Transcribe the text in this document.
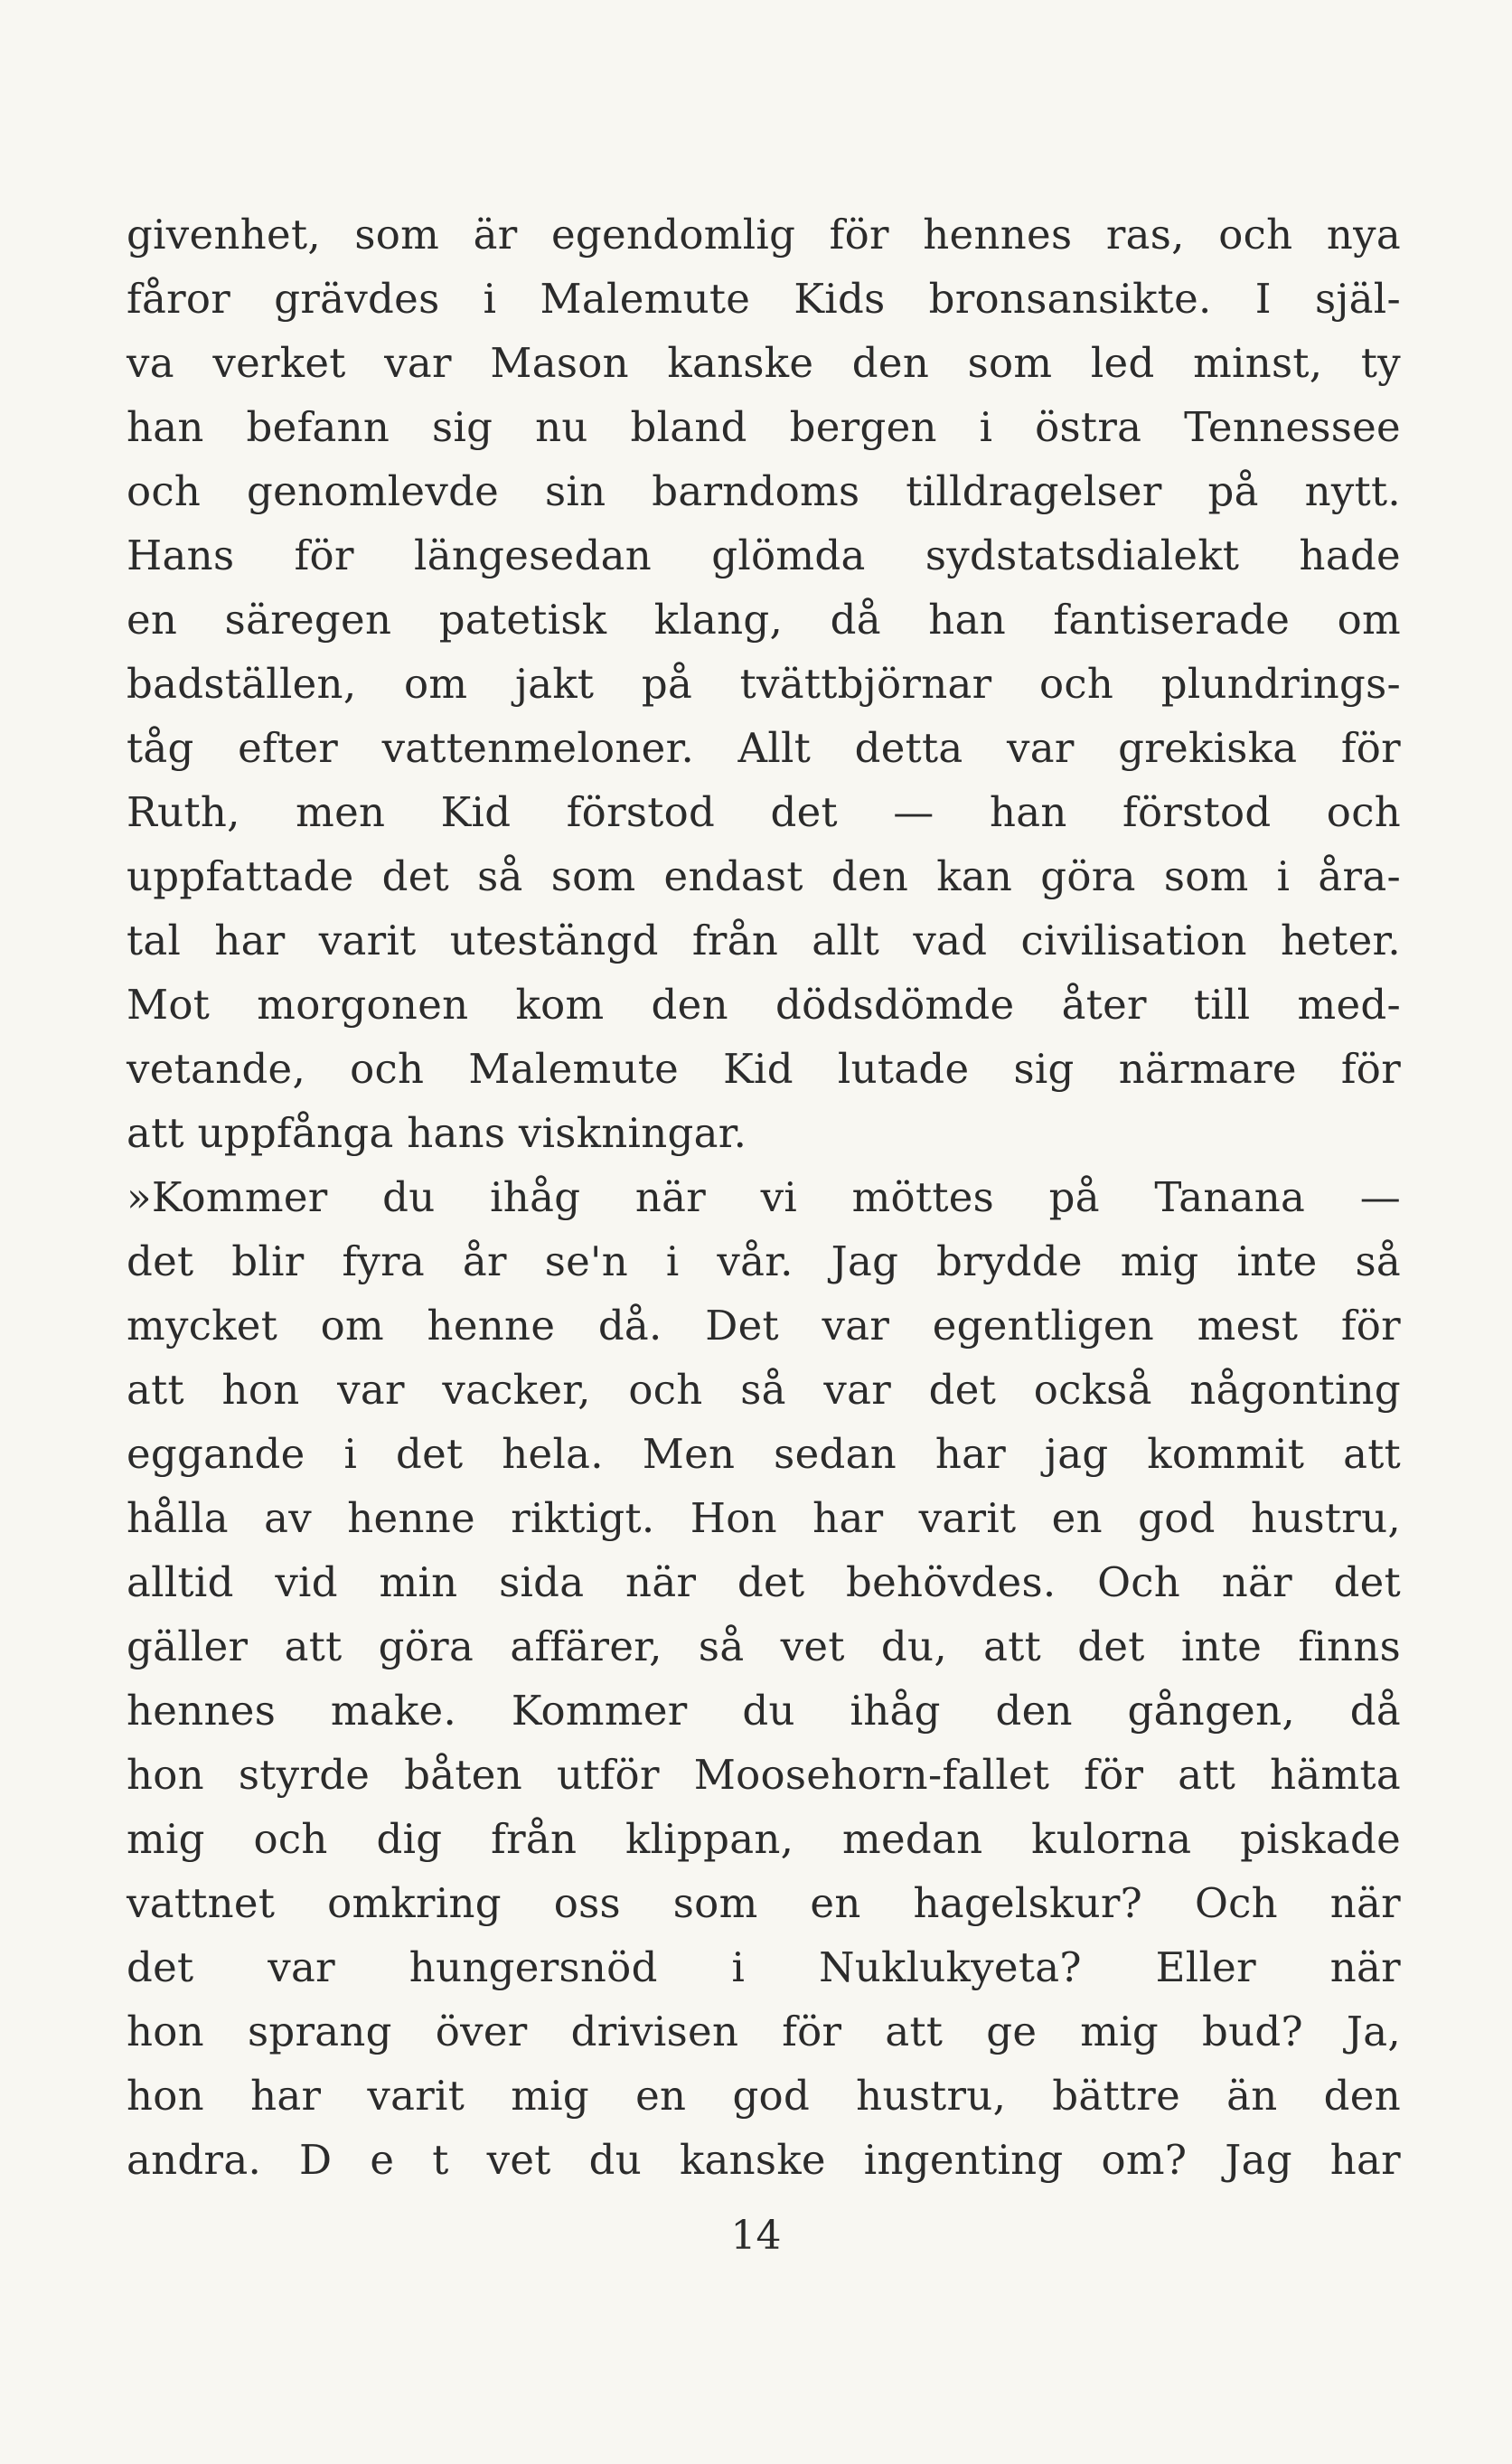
givenhet, som är egendomlig för hennes ras, och nya
fåror grävdes i Malemute Kids bronsansikte. I själ-
va verket var Mason kanske den som led minst, ty
han befann sig nu bland bergen i östra Tennessee
och genomlevde sin barndoms tilldragelser på nytt.
Hans för längesedan glömda sydstatsdialekt hade
en säregen patetisk klang, då han fantiserade om
badställen, om jakt på tvättbjörnar och plundrings-
tåg efter vattenmeloner. Allt detta var grekiska för
Ruth, men Kid förstod det — han förstod och
uppfattade det så som endast den kan göra som i åra-
tal har varit utestängd från allt vad civilisation heter.
Mot morgonen kom den dödsdömde åter till med-
vetande, och Malemute Kid lutade sig närmare för
att uppfånga hans viskningar.
»Kommer du ihåg när vi möttes på Tanana —
det blir fyra år se'n i vår. Jag brydde mig inte så
mycket om henne då. Det var egentligen mest för
att hon var vacker, och så var det också någonting
eggande i det hela. Men sedan har jag kommit att
hålla av henne riktigt. Hon har varit en god hustru,
alltid vid min sida när det behövdes. Och när det
gäller att göra affärer, så vet du, att det inte finns
hennes make. Kommer du ihåg den gången, då
hon styrde båten utför Moosehorn-fallet för att hämta
mig och dig från klippan, medan kulorna piskade
vattnet omkring oss som en hagelskur? Och när
det var hungersnöd i Nuklukyeta? Eller när
hon sprang över drivisen för att ge mig bud? Ja,
hon har varit mig en god hustru, bättre än den
andra. D e t vet du kanske ingenting om? Jag har
14
